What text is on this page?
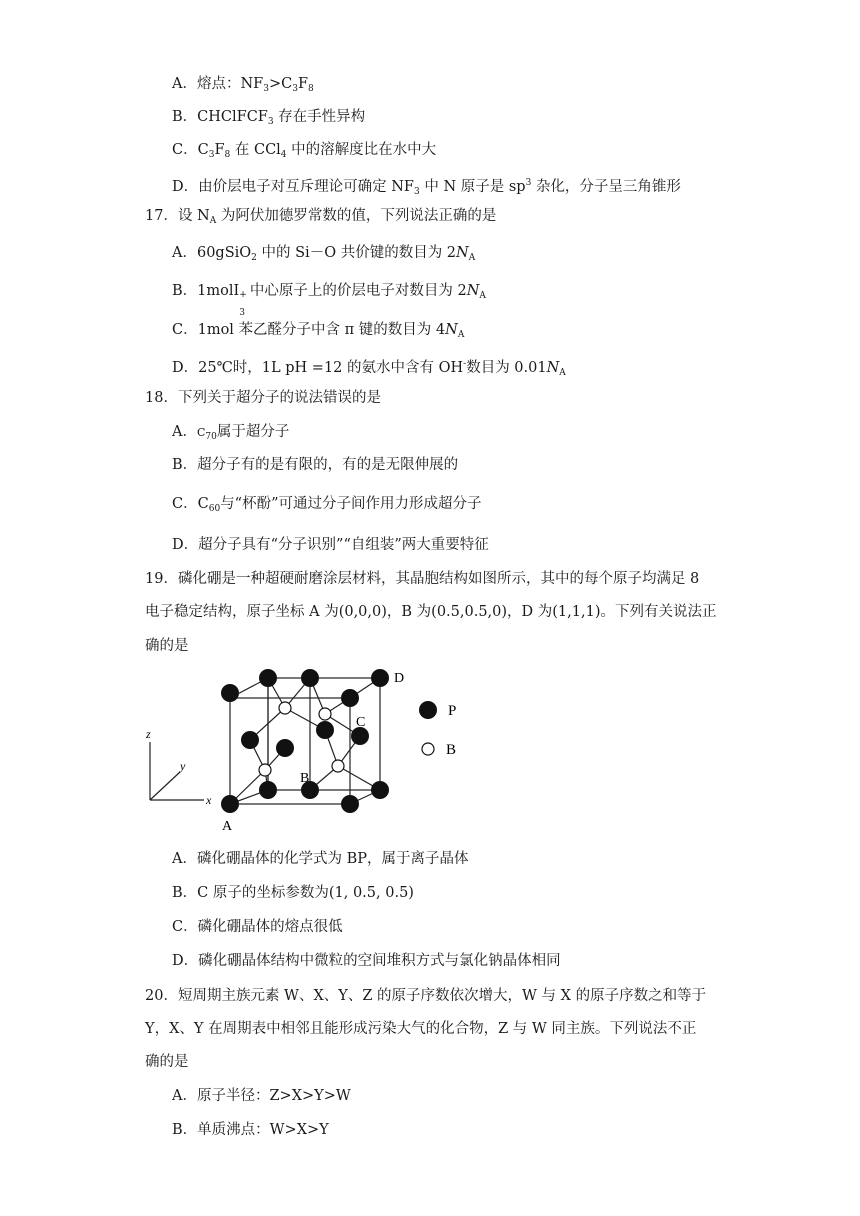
A．熔点：$NF_3>C_3F_8$
B．CHClFCF$_3$ 存在手性异构
C．$C_3F_8$ 在 CCl$_4$ 中的溶解度比在水中大
D．由价层电子对互斥理论可确定 $NF_3$ 中 N 原子是 $sp^3$ 杂化，分子呈三角锥形
17．设 $N_A$ 为阿伏加德罗常数的值，下列说法正确的是
A．60gSiO$_2$ 中的 Si－O 共价键的数目为 $2N_A$
B．1molI +
3
中心原子上的价层电子对数目为 $2N_A$
C．1mol 苯乙醛分子中含 π 键的数目为 $4N_A$
D．25℃时，1L pH =12 的氨水中含有 OH-数目为 $0.01N_A$
18．下列关于超分子的说法错误的是
A．$C_{70}$属于超分子
B．超分子有的是有限的，有的是无限伸展的
C．$C_{60}$与“杯酚”可通过分子间作用力形成超分子
D．超分子具有“分子识别”“自组装”两大重要特征
19．磷化硼是一种超硬耐磨涂层材料，其晶胞结构如图所示，其中的每个原子均满足 8
电子稳定结构，原子坐标 A 为(0,0,0)，B 为(0.5,0.5,0)，D 为(1,1,1)。下列有关说法正
确的是
z
y
x
D
C
B
A
P
B
A．磷化硼晶体的化学式为 BP，属于离子晶体
B．C 原子的坐标参数为(1, 0.5, 0.5)
C．磷化硼晶体的熔点很低
D．磷化硼晶体结构中微粒的空间堆积方式与氯化钠晶体相同
20．短周期主族元素 W、X、Y、Z 的原子序数依次增大，W 与 X 的原子序数之和等于
Y，X、Y 在周期表中相邻且能形成污染大气的化合物，Z 与 W 同主族。下列说法不正
确的是
A．原子半径：Z>X>Y>W
B．单质沸点：W>X>Y
